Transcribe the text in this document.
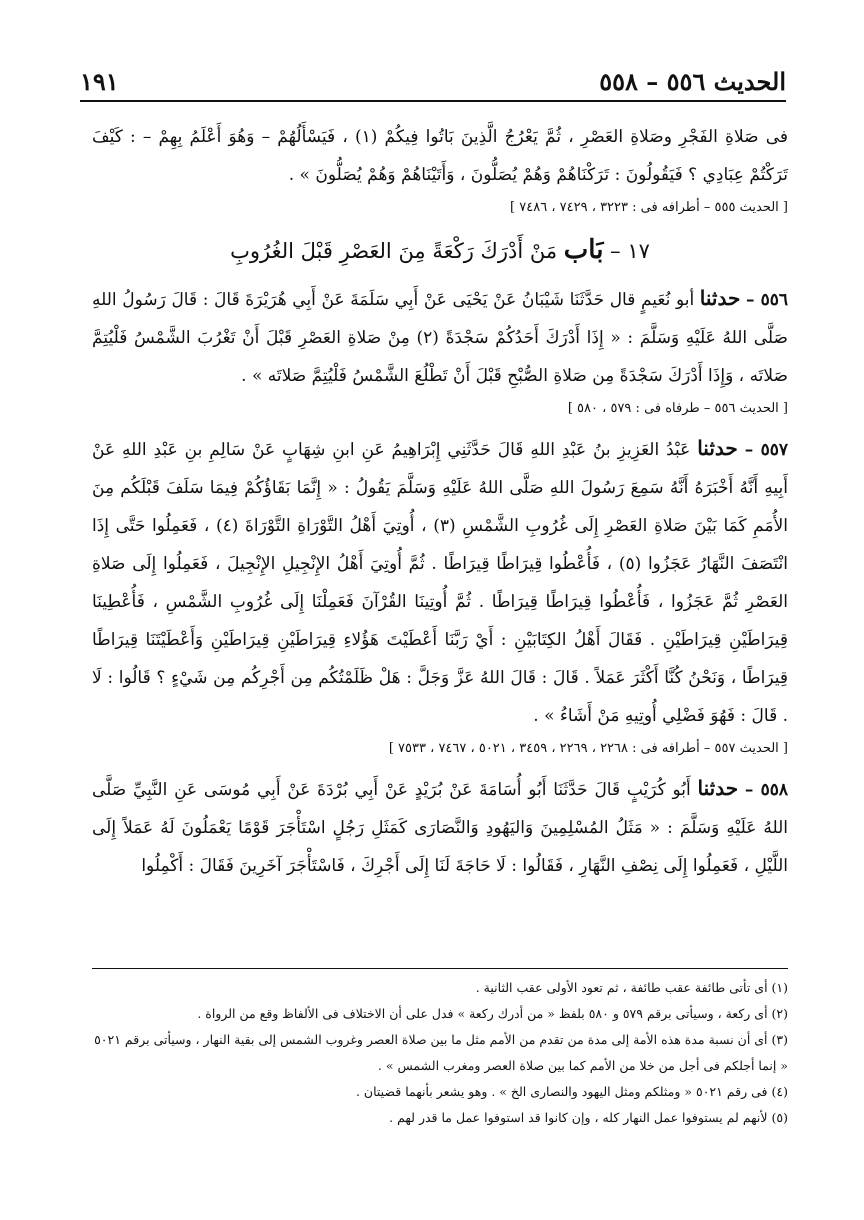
الحديث ٥٥٦ – ٥٥٨
١٩١

فى صَلاةِ الفَجْرِ وصَلاةِ العَصْرِ ، ثُمَّ يَعْرُجُ الَّذِينَ بَاتُوا فِيكُمْ (١) ، فَيَسْأَلُهُمْ – وَهُوَ أَعْلَمُ بِهِمْ – : كَيْفَ تَرَكْتُمْ عِبَادِي ؟ فَيَقُولُونَ : تَرَكْنَاهُمْ وَهُمْ يُصَلُّونَ ، وَأَتَيْنَاهُمْ وَهُمْ يُصَلُّونَ » .

[ الحديث ٥٥٥ – أطرافه فى : ٣٢٢٣ ، ٧٤٢٩ ، ٧٤٨٦ ]

١٧ – بَاب مَنْ أَدْرَكَ رَكْعَةً مِنَ العَصْرِ قَبْلَ الغُرُوبِ

٥٥٦ – حدثنا أبو نُعَيمٍ قال حَدَّثَنَا شَيْبَانُ عَنْ يَحْيَى عَنْ أَبِي سَلَمَةَ عَنْ أَبِي هُرَيْرَةَ قَالَ : قَالَ رَسُولُ اللهِ صَلَّى اللهُ عَلَيْهِ وَسَلَّمَ : « إِذَا أَدْرَكَ أَحَدُكُمْ سَجْدَةً (٢) مِنْ صَلاةِ العَصْرِ قَبْلَ أَنْ تَغْرُبَ الشَّمْسُ فَلْيُتِمَّ صَلاتَه ، وَإِذَا أَدْرَكَ سَجْدَةً مِن صَلاةِ الصُّبْحِ قَبْلَ أَنْ تَطْلُعَ الشَّمْسُ فَلْيُتِمَّ صَلاتَه » .

[ الحديث ٥٥٦ – طرفاه فى : ٥٧٩ ، ٥٨٠ ]

٥٥٧ – حدثنا عَبْدُ العَزِيزِ بنُ عَبْدِ اللهِ قَالَ حَدَّثَنِي إِبْرَاهِيمُ عَنِ ابنِ شِهَابٍ عَنْ سَالِمِ بنِ عَبْدِ اللهِ عَنْ أَبِيهِ أَنَّهُ أَخْبَرَهُ أَنَّهُ سَمِعَ رَسُولَ اللهِ صَلَّى اللهُ عَلَيْهِ وَسَلَّمَ يَقُولُ : « إِنَّمَا بَقَاؤُكُمْ فِيمَا سَلَفَ قَبْلَكُم مِنَ الأُمَمِ كَمَا بَيْنَ صَلاةِ العَصْرِ إِلَى غُرُوبِ الشَّمْسِ (٣) ، أُوتِيَ أَهْلُ التَّوْرَاةِ التَّوْرَاةَ (٤) ، فَعَمِلُوا حَتَّى إِذَا انْتَصَفَ النَّهَارُ عَجَزُوا (٥) ، فَأُعْطُوا قِيرَاطًا قِيرَاطًا . ثُمَّ أُوتِيَ أَهْلُ الإِنْجِيلِ الإِنْجِيلَ ، فَعَمِلُوا إِلَى صَلاةِ العَصْرِ ثُمَّ عَجَزُوا ، فَأُعْطُوا قِيرَاطًا قِيرَاطًا . ثُمَّ أُوتِينَا القُرْآنَ فَعَمِلْنَا إِلَى غُرُوبِ الشَّمْسِ ، فَأُعْطِينَا قِيرَاطَيْنِ قِيرَاطَيْنِ . فَقَالَ أَهْلُ الكِتَابَيْنِ : أَيْ رَبَّنَا أَعْطَيْتَ هَؤُلاءِ قِيرَاطَيْنِ قِيرَاطَيْنِ وَأَعْطَيْتَنَا قِيرَاطًا قِيرَاطًا ، وَنَحْنُ كُنَّا أَكْثَرَ عَمَلاً . قَالَ : قَالَ اللهُ عَزَّ وَجَلَّ : هَلْ ظَلَمْتُكُم مِن أَجْرِكُم مِن شَيْءٍ ؟ قَالُوا : لَا . قَالَ : فَهُوَ فَضْلِي أُوتِيهِ مَنْ أَشَاءُ » .

[ الحديث ٥٥٧ – أطرافه فى : ٢٢٦٨ ، ٢٢٦٩ ، ٣٤٥٩ ، ٥٠٢١ ، ٧٤٦٧ ، ٧٥٣٣ ]

٥٥٨ – حدثنا أَبُو كُرَيْبٍ قَالَ حَدَّثَنَا أَبُو أُسَامَةَ عَنْ بُرَيْدٍ عَنْ أَبِي بُرْدَةَ عَنْ أَبِي مُوسَى عَنِ النَّبِيِّ صَلَّى اللهُ عَلَيْهِ وَسَلَّمَ : « مَثَلُ المُسْلِمِينَ وَاليَهُودِ وَالنَّصَارَى كَمَثَلِ رَجُلٍ اسْتَأْجَرَ قَوْمًا يَعْمَلُونَ لَهُ عَمَلاً إِلَى اللَّيْلِ ، فَعَمِلُوا إِلَى نِصْفِ النَّهَارِ ، فَقَالُوا : لَا حَاجَةَ لَنَا إِلَى أَجْرِكَ ، فَاسْتَأْجَرَ آخَرِينَ فَقَالَ : أَكْمِلُوا

(١) أى تأتى طائفة عقب طائفة ، ثم تعود الأولى عقب الثانية .

(٢) أى ركعة ، وسيأتى برقم ٥٧٩ و ٥٨٠ بلفظ « من أدرك ركعة » فدل على أن الاختلاف فى الألفاظ وقع من الرواة .

(٣) أى أن نسبة مدة هذه الأمة إلى مدة من تقدم من الأمم مثل ما بين صلاة العصر وغروب الشمس إلى بقية النهار ، وسيأتى برقم ٥٠٢١ « إنما أجلكم فى أجل من خلا من الأمم كما بين صلاة العصر ومغرب الشمس » .

(٤) فى رقم ٥٠٢١ « ومثلكم ومثل اليهود والنصارى الخ » . وهو يشعر بأنهما قضيتان .

(٥) لأنهم لم يستوفوا عمل النهار كله ، وإن كانوا قد استوفوا عمل ما قدر لهم .
